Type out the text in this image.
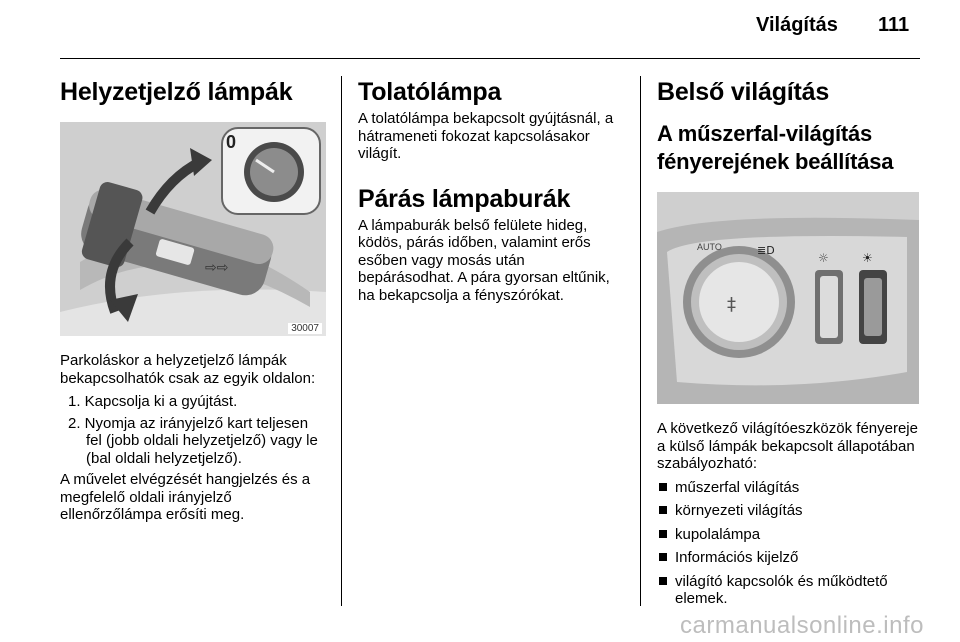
Világítás 111
Helyzetjelző lámpák
⇨⇨
0
30007

Parkoláskor a helyzetjelző lámpák bekapcsolhatók csak az egyik oldalon:

1. Kapcsolja ki a gyújtást.
2. Nyomja az irányjelző kart teljesen fel (jobb oldali helyzetjelző) vagy le (bal oldali helyzetjelző).

A művelet elvégzését hangjelzés és a megfelelő oldali irányjelző ellenőrzőlámpa erősíti meg.

Tolatólámpa

A tolatólámpa bekapcsolt gyújtásnál, a hátrameneti fokozat kapcsolásakor világít.

Párás lámpaburák

A lámpaburák belső felülete hideg, ködös, párás időben, valamint erős esőben vagy mosás után bepárásodhat. A pára gyorsan eltűnik, ha bekapcsolja a fényszórókat.

Belső világítás
A műszerfal-világítás fényerejének beállítása
‡
AUTO	≣D
☼	☀

A következő világítóeszközök fényereje a külső lámpák bekapcsolt állapotában szabályozható:

műszerfal világítás
környezeti világítás
kupolalámpa
Információs kijelző
világító kapcsolók és működtető elemek.
carmanualsonline.info
